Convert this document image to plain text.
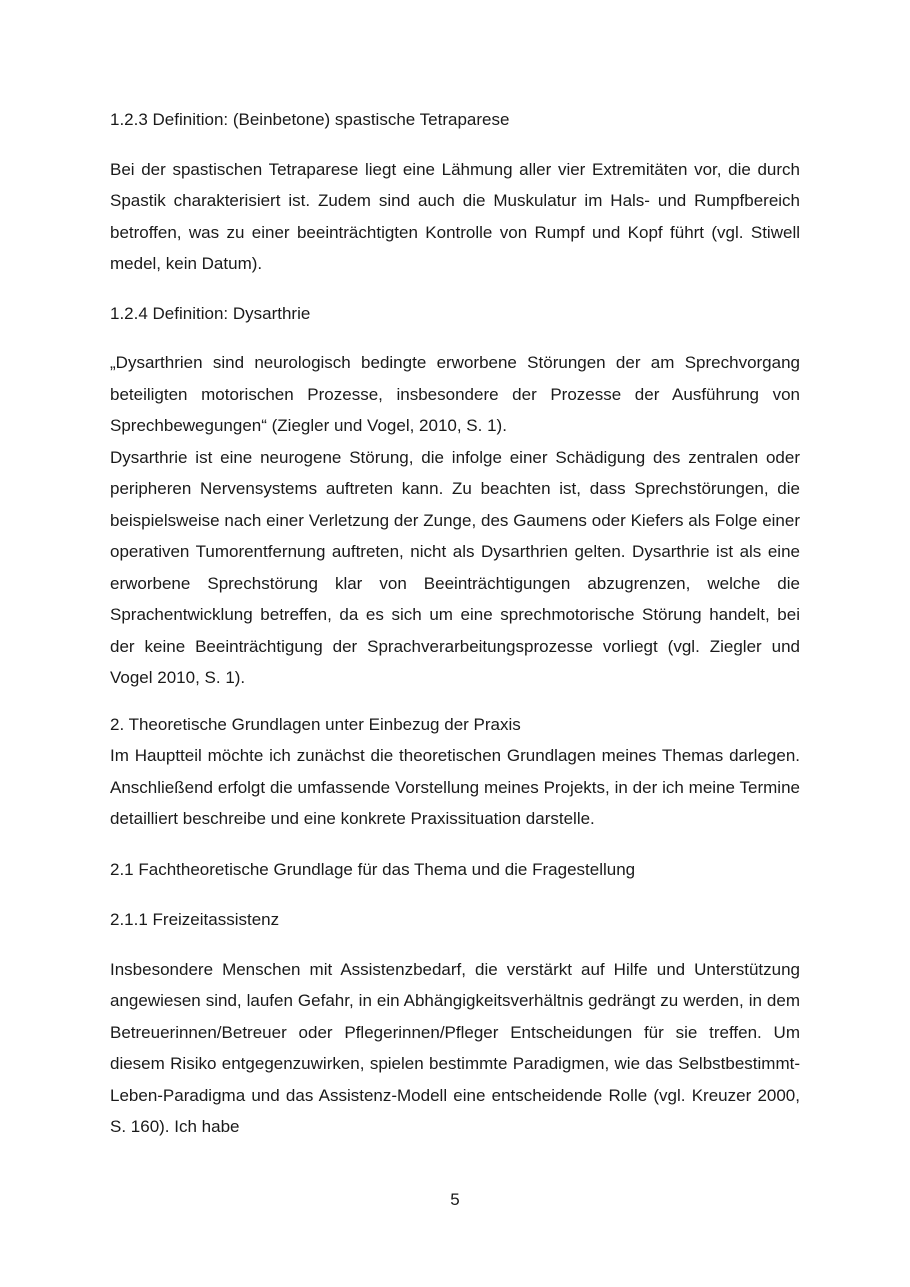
1.2.3 Definition: (Beinbetone) spastische Tetraparese

Bei der spastischen Tetraparese liegt eine Lähmung aller vier Extremitäten vor, die durch Spastik charakterisiert ist. Zudem sind auch die Muskulatur im Hals- und Rumpfbereich betroffen, was zu einer beeinträchtigten Kontrolle von Rumpf und Kopf führt (vgl. Stiwell medel, kein Datum).

1.2.4 Definition: Dysarthrie

„Dysarthrien sind neurologisch bedingte erworbene Störungen der am Sprechvorgang beteiligten motorischen Prozesse, insbesondere der Prozesse der Ausführung von Sprechbewegungen“ (Ziegler und Vogel, 2010, S. 1).

Dysarthrie ist eine neurogene Störung, die infolge einer Schädigung des zentralen oder peripheren Nervensystems auftreten kann. Zu beachten ist, dass Sprechstörungen, die beispielsweise nach einer Verletzung der Zunge, des Gaumens oder Kiefers als Folge einer operativen Tumorentfernung auftreten, nicht als Dysarthrien gelten. Dysarthrie ist als eine erworbene Sprechstörung klar von Beeinträchtigungen abzugrenzen, welche die Sprachentwicklung betreffen, da es sich um eine sprechmotorische Störung handelt, bei der keine Beeinträchtigung der Sprachverarbeitungsprozesse vorliegt (vgl. Ziegler und Vogel 2010, S. 1).

2. Theoretische Grundlagen unter Einbezug der Praxis

Im Hauptteil möchte ich zunächst die theoretischen Grundlagen meines Themas darlegen. Anschließend erfolgt die umfassende Vorstellung meines Projekts, in der ich meine Termine detailliert beschreibe und eine konkrete Praxissituation darstelle.

2.1 Fachtheoretische Grundlage für das Thema und die Fragestellung

2.1.1 Freizeitassistenz

Insbesondere Menschen mit Assistenzbedarf, die verstärkt auf Hilfe und Unterstützung angewiesen sind, laufen Gefahr, in ein Abhängigkeitsverhältnis gedrängt zu werden, in dem Betreuerinnen/Betreuer oder Pflegerinnen/Pfleger Entscheidungen für sie treffen. Um diesem Risiko entgegenzuwirken, spielen bestimmte Paradigmen, wie das Selbstbestimmt-Leben-Paradigma und das Assistenz-Modell eine entscheidende Rolle (vgl. Kreuzer 2000, S. 160). Ich habe

5
